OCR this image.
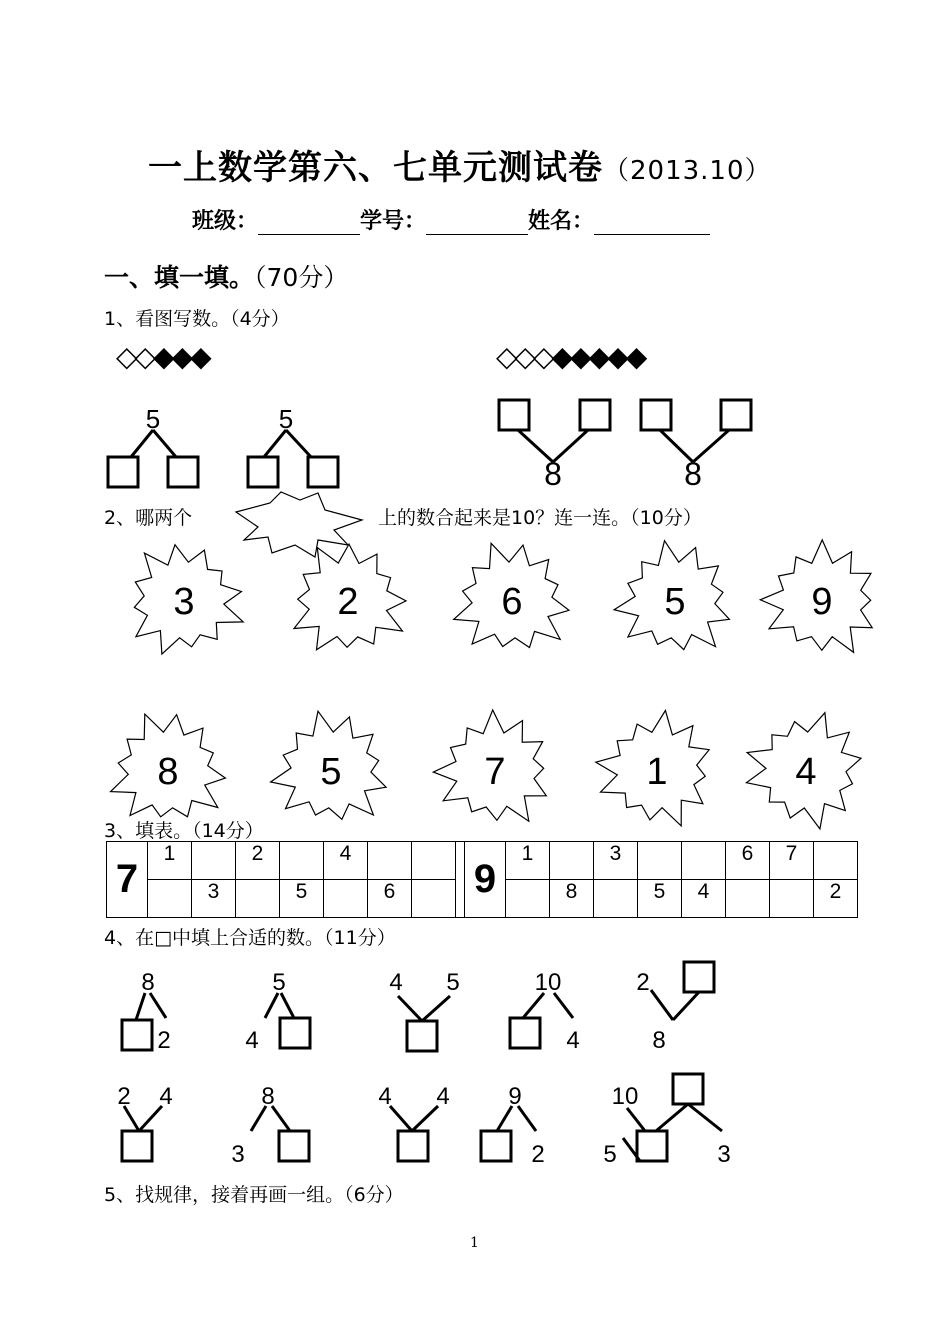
一上数学第六、七单元测试卷（2013.10）
班级：	学号：	姓名：
一、填一填。（70分）
1、看图写数。（4分）
◇◇◆◆◆	◇◇◇◆◆◆◆◆
5	5
8	8
3	2	6	5	9
8	5	7	1	4
8
2
5
4
4 5	10
4
2
8
2 4	8
3
4 4 9
2
10
5	3
2、哪两个	上的数合起来是10？连一连。（10分）
3、填表。（14分）
7	1		2		4				9	1		3			6	7	
		3		5		6					8		5	4			2
4、在□中填上合适的数。（11分）
5、找规律，接着再画一组。（6分）
1
